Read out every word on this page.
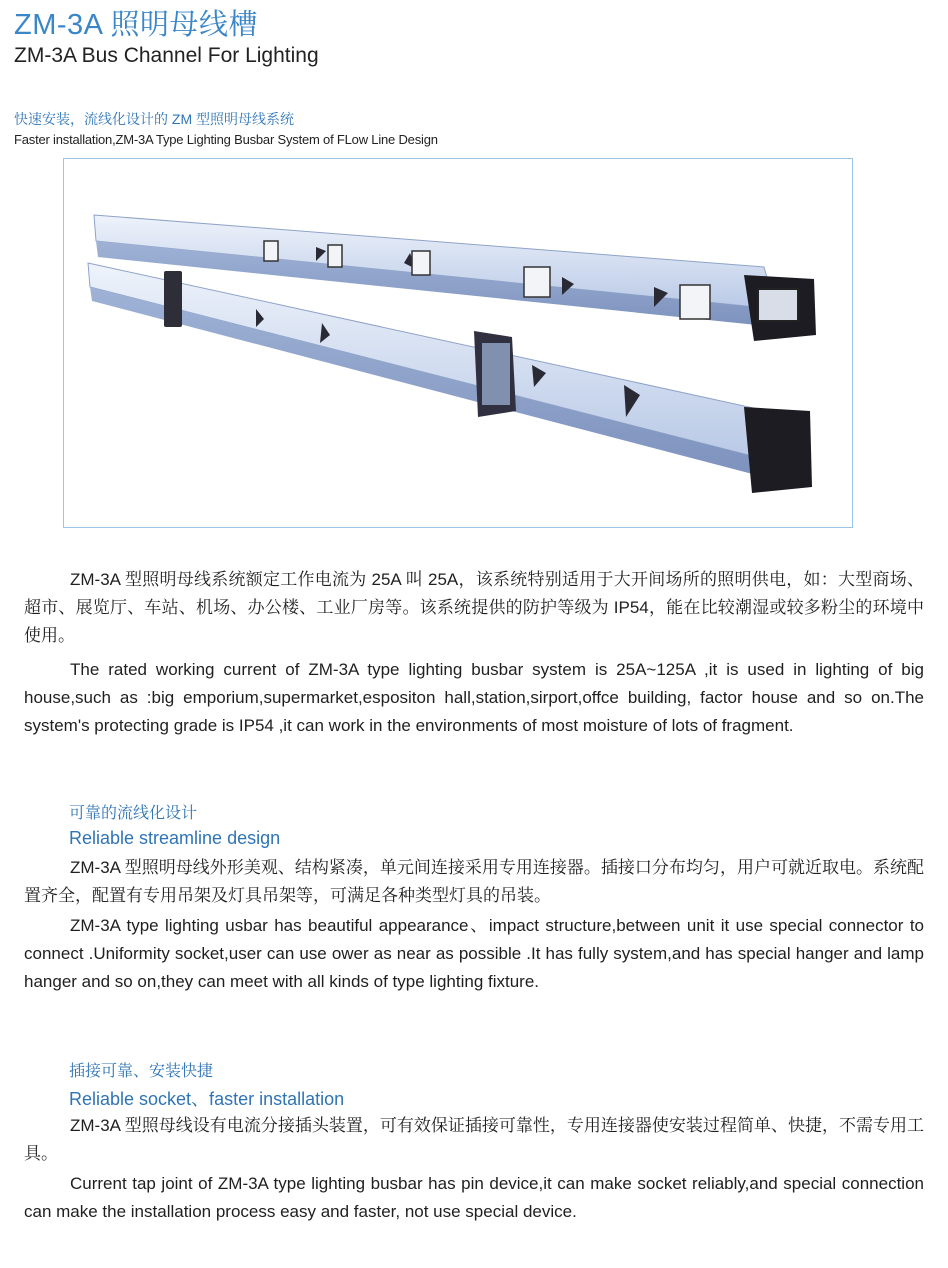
ZM-3A 照明母线槽
ZM-3A Bus Channel For Lighting
快速安装，流线化设计的 ZM 型照明母线系统
Faster installation,ZM-3A Type Lighting Busbar System of FLow Line Design
ZM-3A 型照明母线系统额定工作电流为 25A 叫 25A，该系统特别适用于大开间场所的照明供电，如：大型商场、超市、展览厅、车站、机场、办公楼、工业厂房等。该系统提供的防护等级为 IP54，能在比较潮湿或较多粉尘的环境中使用。
The rated working current of ZM-3A type lighting busbar system is 25A~125A ,it is used in lighting of big house,such as :big emporium,supermarket,espositon hall,station,sirport,offce building, factor house and so on.The system's protecting grade is IP54 ,it can work in the environments of most moisture of lots of fragment.
可靠的流线化设计
Reliable streamline design
ZM-3A 型照明母线外形美观、结构紧凑，单元间连接采用专用连接器。插接口分布均匀，用户可就近取电。系统配置齐全，配置有专用吊架及灯具吊架等，可满足各种类型灯具的吊装。
ZM-3A type lighting usbar has beautiful appearance、impact structure,between unit it use special connector to connect .Uniformity socket,user can use ower as near as possible .It has fully system,and has special hanger and lamp hanger and so on,they can meet with all kinds of type lighting fixture.
插接可靠、安装快捷
Reliable socket、faster installation
ZM-3A 型照母线设有电流分接插头装置，可有效保证插接可靠性，专用连接器使安装过程简单、快捷，不需专用工具。
Current tap joint of ZM-3A type lighting busbar has pin device,it can make socket reliably,and special connection can make the installation process easy and faster, not use special device.
